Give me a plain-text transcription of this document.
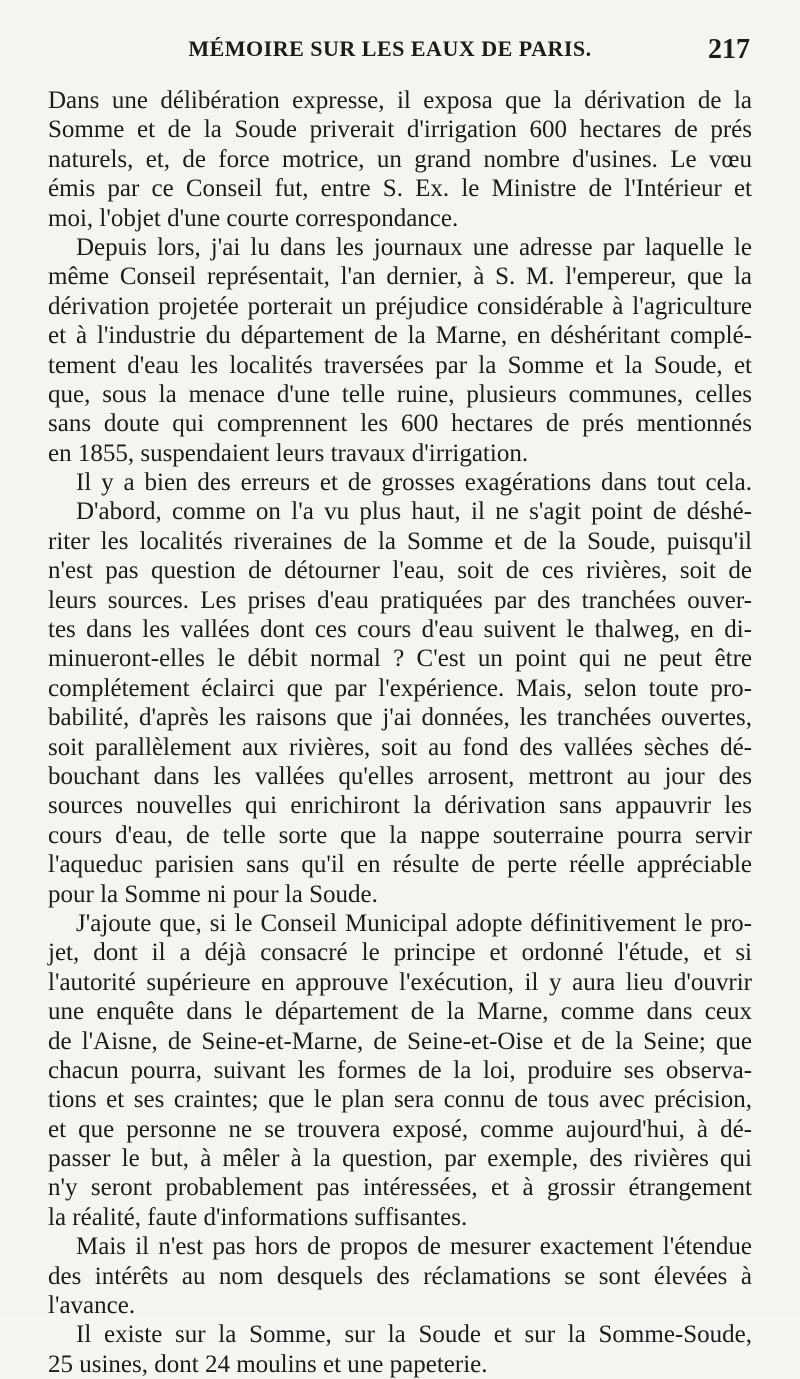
MÉMOIRE SUR LES EAUX DE PARIS.	217
Dans une délibération expresse, il exposa que la dérivation de la
Somme et de la Soude priverait d'irrigation 600 hectares de prés
naturels, et, de force motrice, un grand nombre d'usines. Le vœu
émis par ce Conseil fut, entre S. Ex. le Ministre de l'Intérieur et
moi, l'objet d'une courte correspondance.
Depuis lors, j'ai lu dans les journaux une adresse par laquelle le
même Conseil représentait, l'an dernier, à S. M. l'empereur, que la
dérivation projetée porterait un préjudice considérable à l'agriculture
et à l'industrie du département de la Marne, en déshéritant complé-
tement d'eau les localités traversées par la Somme et la Soude, et
que, sous la menace d'une telle ruine, plusieurs communes, celles
sans doute qui comprennent les 600 hectares de prés mentionnés
en 1855, suspendaient leurs travaux d'irrigation.
Il y a bien des erreurs et de grosses exagérations dans tout cela.
D'abord, comme on l'a vu plus haut, il ne s'agit point de déshé-
riter les localités riveraines de la Somme et de la Soude, puisqu'il
n'est pas question de détourner l'eau, soit de ces rivières, soit de
leurs sources. Les prises d'eau pratiquées par des tranchées ouver-
tes dans les vallées dont ces cours d'eau suivent le thalweg, en di-
minueront-elles le débit normal ? C'est un point qui ne peut être
complétement éclairci que par l'expérience. Mais, selon toute pro-
babilité, d'après les raisons que j'ai données, les tranchées ouvertes,
soit parallèlement aux rivières, soit au fond des vallées sèches dé-
bouchant dans les vallées qu'elles arrosent, mettront au jour des
sources nouvelles qui enrichiront la dérivation sans appauvrir les
cours d'eau, de telle sorte que la nappe souterraine pourra servir
l'aqueduc parisien sans qu'il en résulte de perte réelle appréciable
pour la Somme ni pour la Soude.
J'ajoute que, si le Conseil Municipal adopte définitivement le pro-
jet, dont il a déjà consacré le principe et ordonné l'étude, et si
l'autorité supérieure en approuve l'exécution, il y aura lieu d'ouvrir
une enquête dans le département de la Marne, comme dans ceux
de l'Aisne, de Seine-et-Marne, de Seine-et-Oise et de la Seine; que
chacun pourra, suivant les formes de la loi, produire ses observa-
tions et ses craintes; que le plan sera connu de tous avec précision,
et que personne ne se trouvera exposé, comme aujourd'hui, à dé-
passer le but, à mêler à la question, par exemple, des rivières qui
n'y seront probablement pas intéressées, et à grossir étrangement
la réalité, faute d'informations suffisantes.
Mais il n'est pas hors de propos de mesurer exactement l'étendue
des intérêts au nom desquels des réclamations se sont élevées à
l'avance.
Il existe sur la Somme, sur la Soude et sur la Somme-Soude,
25 usines, dont 24 moulins et une papeterie.
